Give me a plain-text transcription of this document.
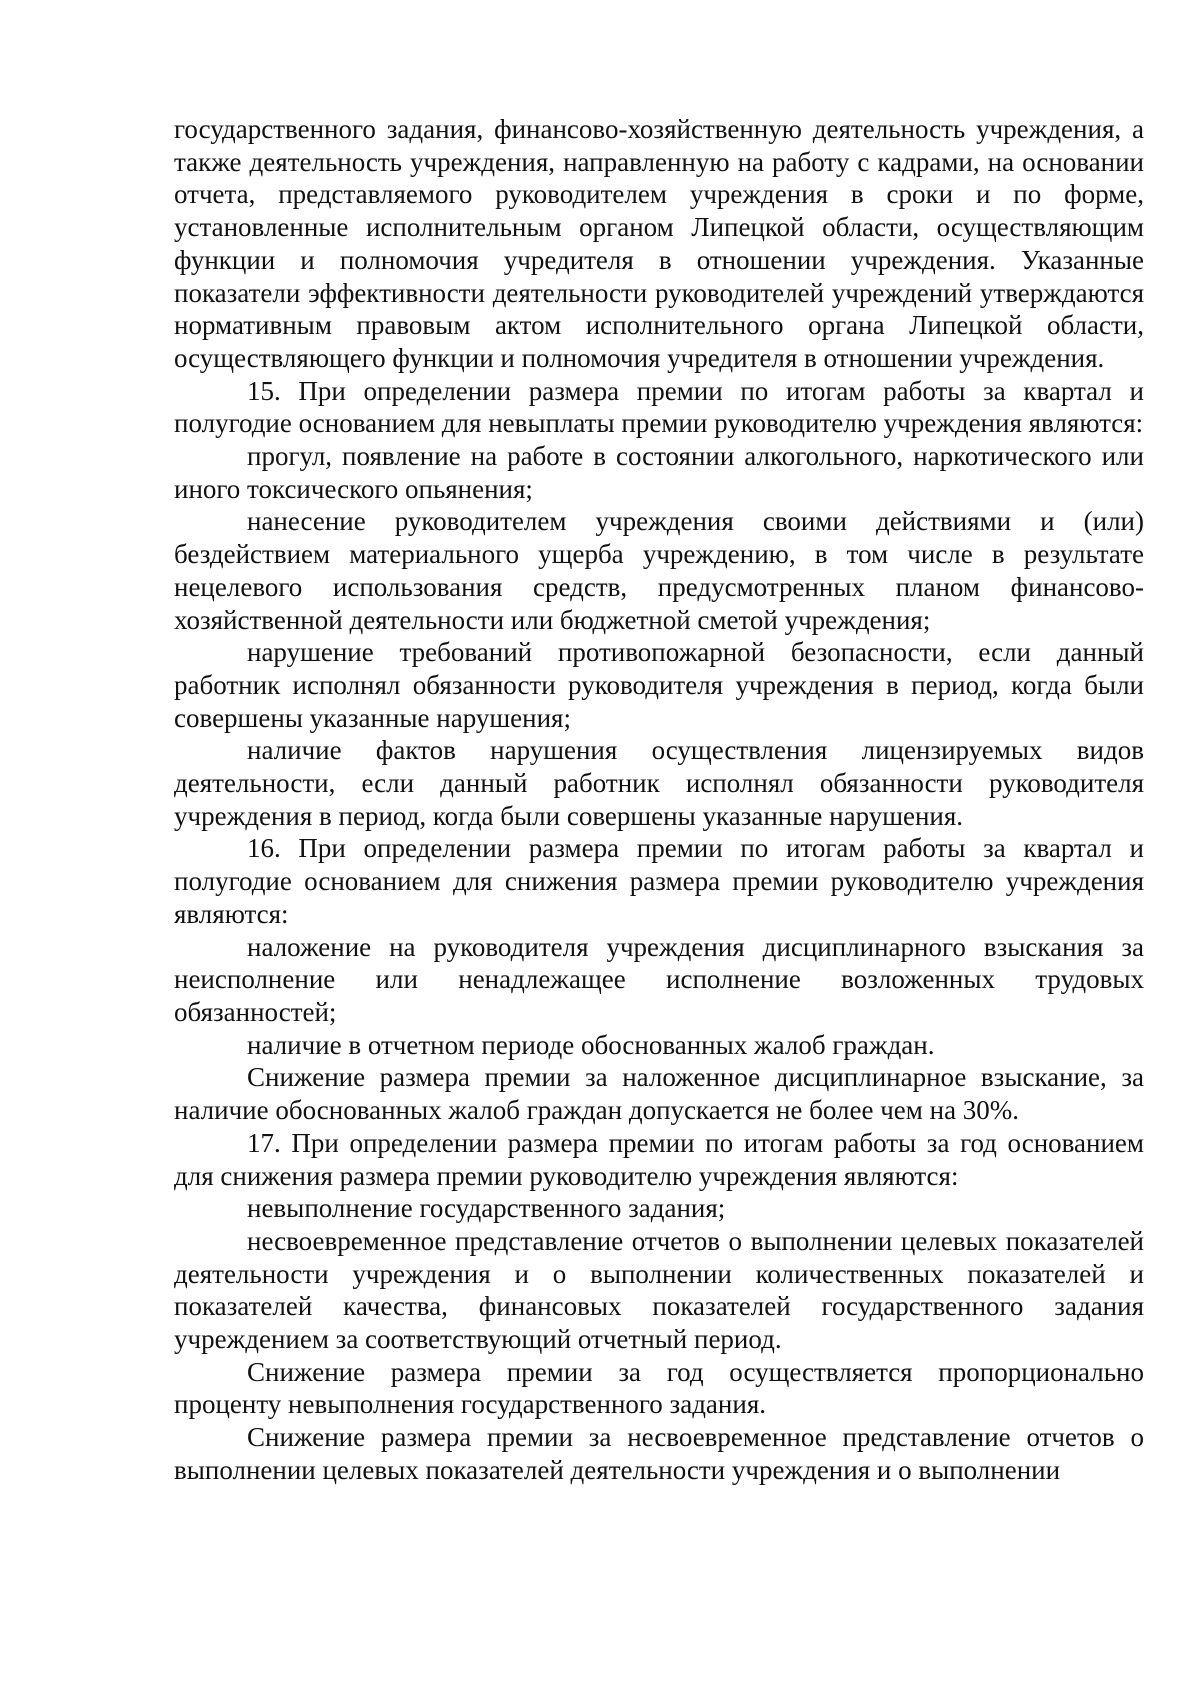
государственного задания, финансово-хозяйственную деятельность учреждения, а также деятельность учреждения, направленную на работу с кадрами, на основании отчета, представляемого руководителем учреждения в сроки и по форме, установленные исполнительным органом Липецкой области, осуществляющим функции и полномочия учредителя в отношении учреждения. Указанные показатели эффективности деятельности руководителей учреждений утверждаются нормативным правовым актом исполнительного органа Липецкой области, осуществляющего функции и полномочия учредителя в отношении учреждения.

15. При определении размера премии по итогам работы за квартал и полугодие основанием для невыплаты премии руководителю учреждения являются:

прогул, появление на работе в состоянии алкогольного, наркотического или иного токсического опьянения;

нанесение руководителем учреждения своими действиями и (или) бездействием материального ущерба учреждению, в том числе в результате нецелевого использования средств, предусмотренных планом финансово-хозяйственной деятельности или бюджетной сметой учреждения;

нарушение требований противопожарной безопасности, если данный работник исполнял обязанности руководителя учреждения в период, когда были совершены указанные нарушения;

наличие фактов нарушения осуществления лицензируемых видов деятельности, если данный работник исполнял обязанности руководителя учреждения в период, когда были совершены указанные нарушения.

16. При определении размера премии по итогам работы за квартал и полугодие основанием для снижения размера премии руководителю учреждения являются:

наложение на руководителя учреждения дисциплинарного взыскания за неисполнение или ненадлежащее исполнение возложенных трудовых обязанностей;

наличие в отчетном периоде обоснованных жалоб граждан.

Снижение размера премии за наложенное дисциплинарное взыскание, за наличие обоснованных жалоб граждан допускается не более чем на 30%.

17. При определении размера премии по итогам работы за год основанием для снижения размера премии руководителю учреждения являются:

невыполнение государственного задания;

несвоевременное представление отчетов о выполнении целевых показателей деятельности учреждения и о выполнении количественных показателей и показателей качества, финансовых показателей государственного задания учреждением за соответствующий отчетный период.

Снижение размера премии за год осуществляется пропорционально проценту невыполнения государственного задания.

Снижение размера премии за несвоевременное представление отчетов о выполнении целевых показателей деятельности учреждения и о выполнении
